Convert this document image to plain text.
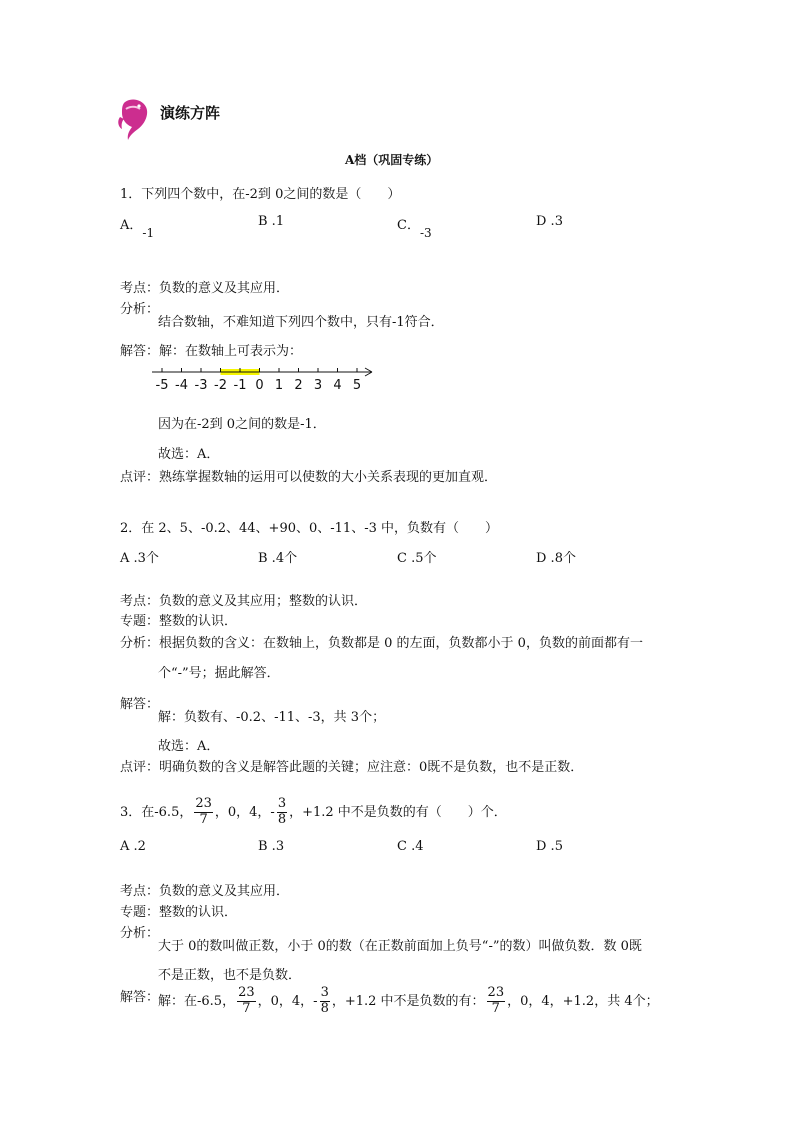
演练方阵
A档（巩固专练）
1．下列四个数中，在-2到 0之间的数是（　　）
A．-1
B .1	C．-3
D .3
考点：负数的意义及其应用．
分析：
结合数轴，不难知道下列四个数中，只有-1符合．
解答：解：在数轴上可表示为：
-5 -4 -3 -2 -1 0 1 2 3 4 5
因为在-2到 0之间的数是-1．
故选：A．
点评：熟练掌握数轴的运用可以使数的大小关系表现的更加直观．
2．在 2、5、-0.2、44、+90、0、-11、-3 中，负数有（　　）
A .3个	B .4个	C .5个	D .8个
考点：负数的意义及其应用；整数的认识．
专题：整数的认识．
分析：根据负数的含义：在数轴上，负数都是 0 的左面，负数都小于 0，负数的前面都有一
个“-”号；据此解答．
解答：
解：负数有、-0.2、-11、-3，共 3个；
故选：A．
点评：明确负数的含义是解答此题的关键；应注意：0既不是负数，也不是正数．
3．在-6.5， $\frac{23}{7}$ ，0，4，- $\frac{3}{8}$ ，+1.2 中不是负数的有（　　）个．
A .2	B .3	C .4	D .5
考点：负数的意义及其应用．
专题：整数的认识．
分析：
大于 0的数叫做正数，小于 0的数（在正数前面加上负号“-”的数）叫做负数．数 0既
不是正数，也不是负数．
解答：
解：在-6.5， $\frac{23}{7}$ ，0，4，- $\frac{3}{8}$ ，+1.2 中不是负数的有： $\frac{23}{7}$ ，0，4，+1.2，共 4个；
